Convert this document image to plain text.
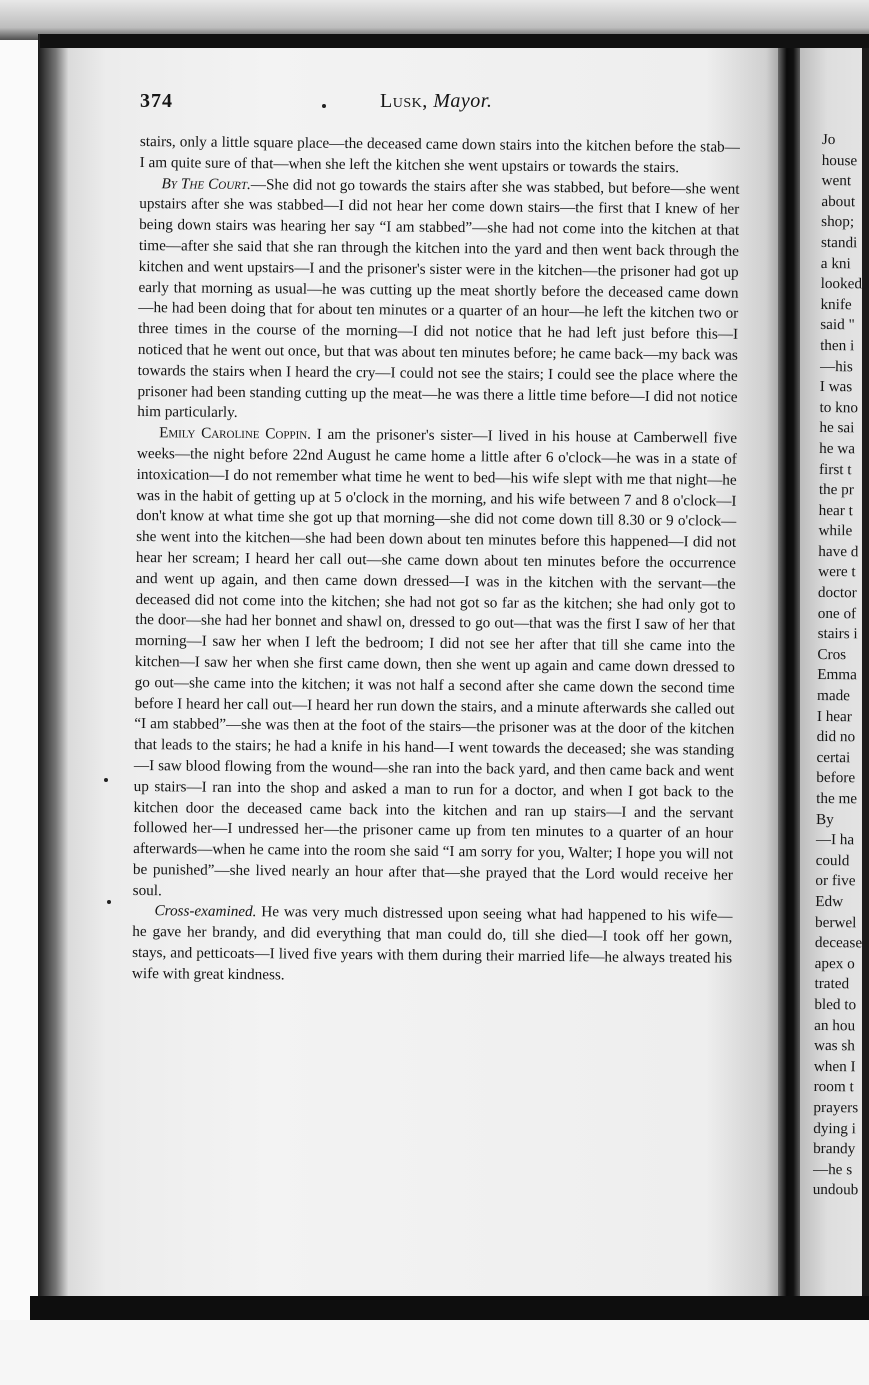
Jo
house
went
about
shop;
standi
a kni
looked
knife
said "
then i
—his
I was
to kno
he sai
he wa
first t
the pr
hear t
while
have d
were t
doctor
one of
stairs i
Cros
Emma
made
I hear
did no
certai
before
the me
By
—I ha
could
or five
Edw
berwel
decease
apex o
trated
bled to
an hou
was sh
when I
room t
prayers
dying i
brandy
—he s
undoub
374	Lusk, Mayor.

stairs, only a little square place—the deceased came down stairs into the kitchen before the stab—I am quite sure of that—when she left the kitchen she went upstairs or towards the stairs.

By The Court.—She did not go towards the stairs after she was stabbed, but before—she went upstairs after she was stabbed—I did not hear her come down stairs—the first that I knew of her being down stairs was hearing her say “I am stabbed”—she had not come into the kitchen at that time—after she said that she ran through the kitchen into the yard and then went back through the kitchen and went upstairs—I and the prisoner's sister were in the kitchen—the prisoner had got up early that morning as usual—he was cutting up the meat shortly before the deceased came down—he had been doing that for about ten minutes or a quarter of an hour—he left the kitchen two or three times in the course of the morning—I did not notice that he had left just before this—I noticed that he went out once, but that was about ten minutes before; he came back—my back was towards the stairs when I heard the cry—I could not see the stairs; I could see the place where the prisoner had been standing cutting up the meat—he was there a little time before—I did not notice him particularly.

Emily Caroline Coppin. I am the prisoner's sister—I lived in his house at Camberwell five weeks—the night before 22nd August he came home a little after 6 o'clock—he was in a state of intoxication—I do not remember what time he went to bed—his wife slept with me that night—he was in the habit of getting up at 5 o'clock in the morning, and his wife between 7 and 8 o'clock—I don't know at what time she got up that morning—she did not come down till 8.30 or 9 o'clock—she went into the kitchen—she had been down about ten minutes before this happened—I did not hear her scream; I heard her call out—she came down about ten minutes before the occurrence and went up again, and then came down dressed—I was in the kitchen with the servant—the deceased did not come into the kitchen; she had not got so far as the kitchen; she had only got to the door—she had her bonnet and shawl on, dressed to go out—that was the first I saw of her that morning—I saw her when I left the bedroom; I did not see her after that till she came into the kitchen—I saw her when she first came down, then she went up again and came down dressed to go out—she came into the kitchen; it was not half a second after she came down the second time before I heard her call out—I heard her run down the stairs, and a minute afterwards she called out “I am stabbed”—she was then at the foot of the stairs—the prisoner was at the door of the kitchen that leads to the stairs; he had a knife in his hand—I went towards the deceased; she was standing—I saw blood flowing from the wound—she ran into the back yard, and then came back and went up stairs—I ran into the shop and asked a man to run for a doctor, and when I got back to the kitchen door the deceased came back into the kitchen and ran up stairs—I and the servant followed her—I undressed her—the prisoner came up from ten minutes to a quarter of an hour afterwards—when he came into the room she said “I am sorry for you, Walter; I hope you will not be punished”—she lived nearly an hour after that—she prayed that the Lord would receive her soul.

Cross-examined. He was very much distressed upon seeing what had happened to his wife—he gave her brandy, and did everything that man could do, till she died—I took off her gown, stays, and petticoats—I lived five years with them during their married life—he always treated his wife with great kindness.
